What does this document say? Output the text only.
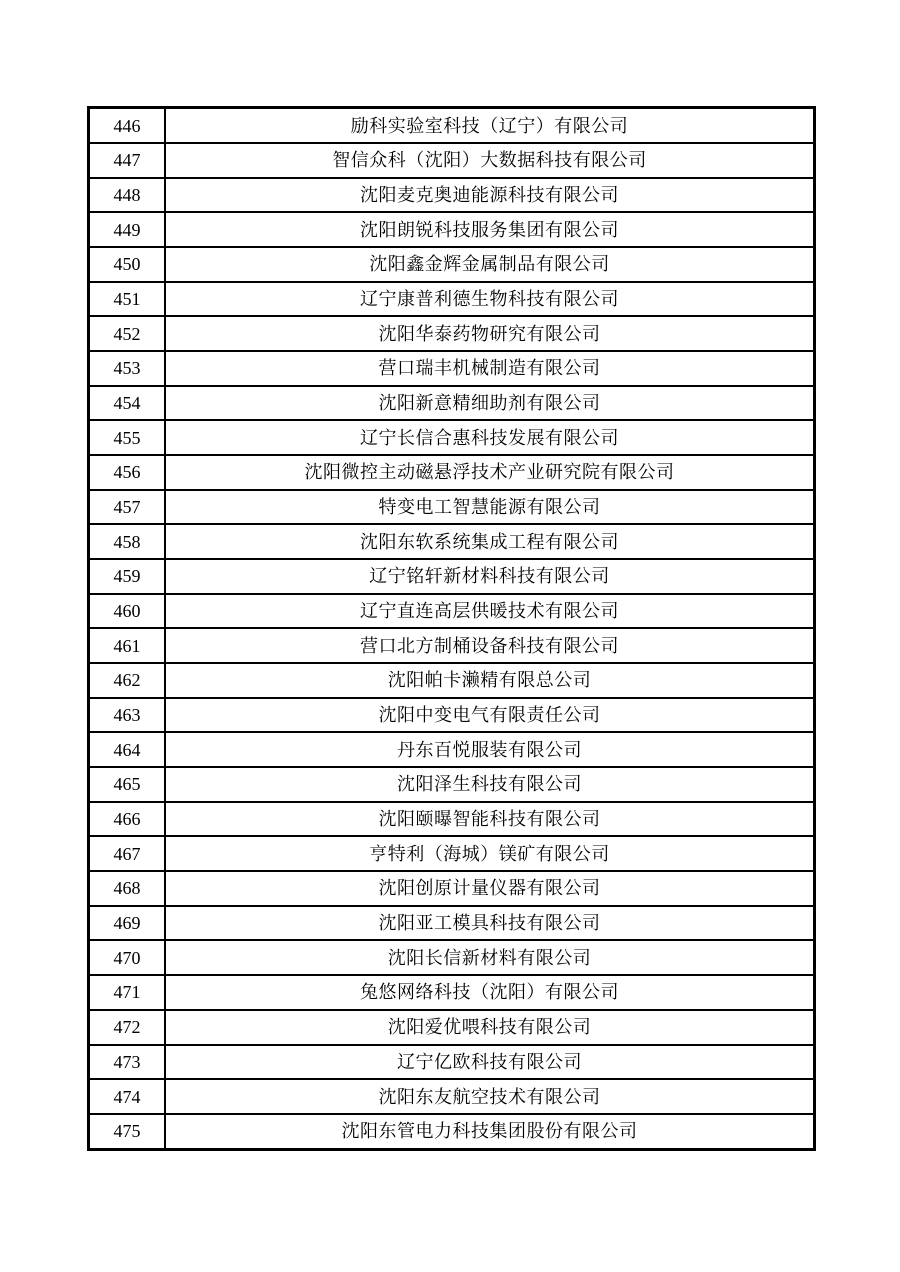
446	励科实验室科技（辽宁）有限公司
447	智信众科（沈阳）大数据科技有限公司
448	沈阳麦克奥迪能源科技有限公司
449	沈阳朗锐科技服务集团有限公司
450	沈阳鑫金辉金属制品有限公司
451	辽宁康普利德生物科技有限公司
452	沈阳华泰药物研究有限公司
453	营口瑞丰机械制造有限公司
454	沈阳新意精细助剂有限公司
455	辽宁长信合惠科技发展有限公司
456	沈阳微控主动磁悬浮技术产业研究院有限公司
457	特变电工智慧能源有限公司
458	沈阳东软系统集成工程有限公司
459	辽宁铭轩新材料科技有限公司
460	辽宁直连高层供暖技术有限公司
461	营口北方制桶设备科技有限公司
462	沈阳帕卡濑精有限总公司
463	沈阳中变电气有限责任公司
464	丹东百悦服装有限公司
465	沈阳泽生科技有限公司
466	沈阳颐曝智能科技有限公司
467	亨特利（海城）镁矿有限公司
468	沈阳创原计量仪器有限公司
469	沈阳亚工模具科技有限公司
470	沈阳长信新材料有限公司
471	兔悠网络科技（沈阳）有限公司
472	沈阳爱优喂科技有限公司
473	辽宁亿欧科技有限公司
474	沈阳东友航空技术有限公司
475	沈阳东管电力科技集团股份有限公司
